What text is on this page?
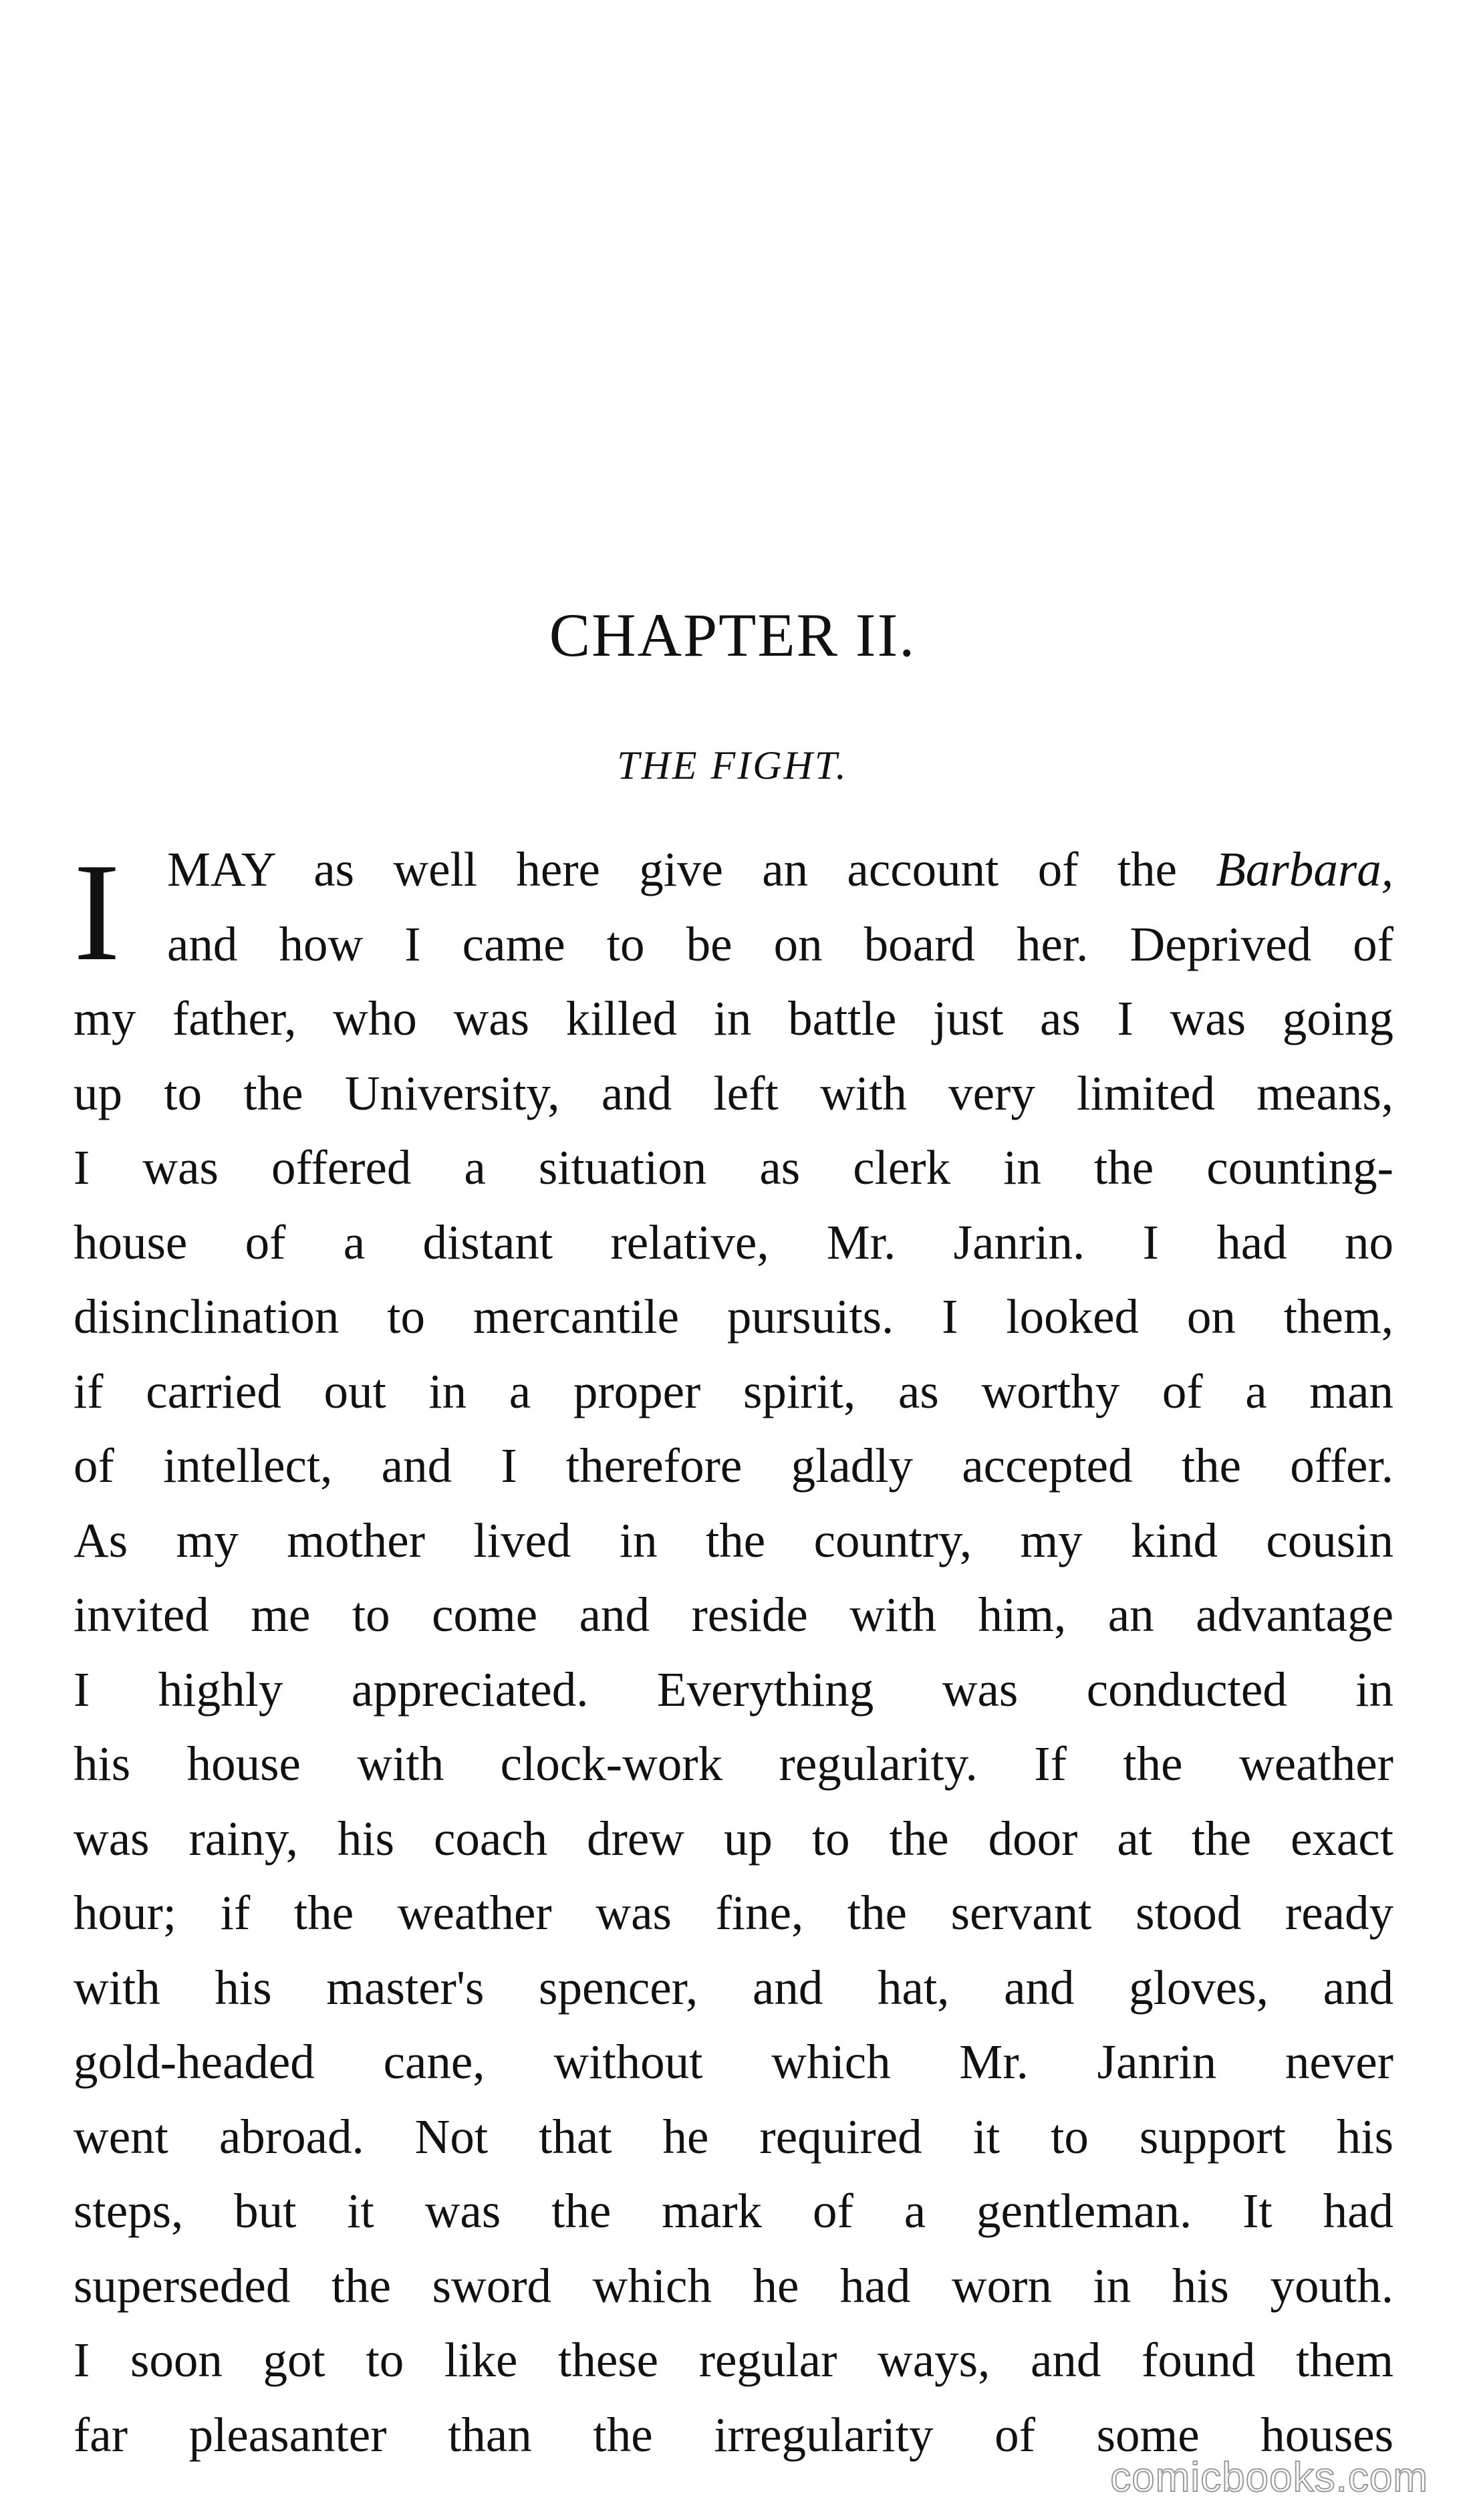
CHAPTER II.
THE FIGHT.
I MAY as well here give an account of the Barbara,
and how I came to be on board her. Deprived of
my father, who was killed in battle just as I was going
up to the University, and left with very limited means,
I was offered a situation as clerk in the counting-
house of a distant relative, Mr. Janrin. I had no
disinclination to mercantile pursuits. I looked on them,
if carried out in a proper spirit, as worthy of a man
of intellect, and I therefore gladly accepted the offer.
As my mother lived in the country, my kind cousin
invited me to come and reside with him, an advantage
I highly appreciated. Everything was conducted in
his house with clock-work regularity. If the weather
was rainy, his coach drew up to the door at the exact
hour; if the weather was fine, the servant stood ready
with his master's spencer, and hat, and gloves, and
gold-headed cane, without which Mr. Janrin never
went abroad. Not that he required it to support his
steps, but it was the mark of a gentleman. It had
superseded the sword which he had worn in his youth.
I soon got to like these regular ways, and found them
far pleasanter than the irregularity of some houses
comicbooks.com
